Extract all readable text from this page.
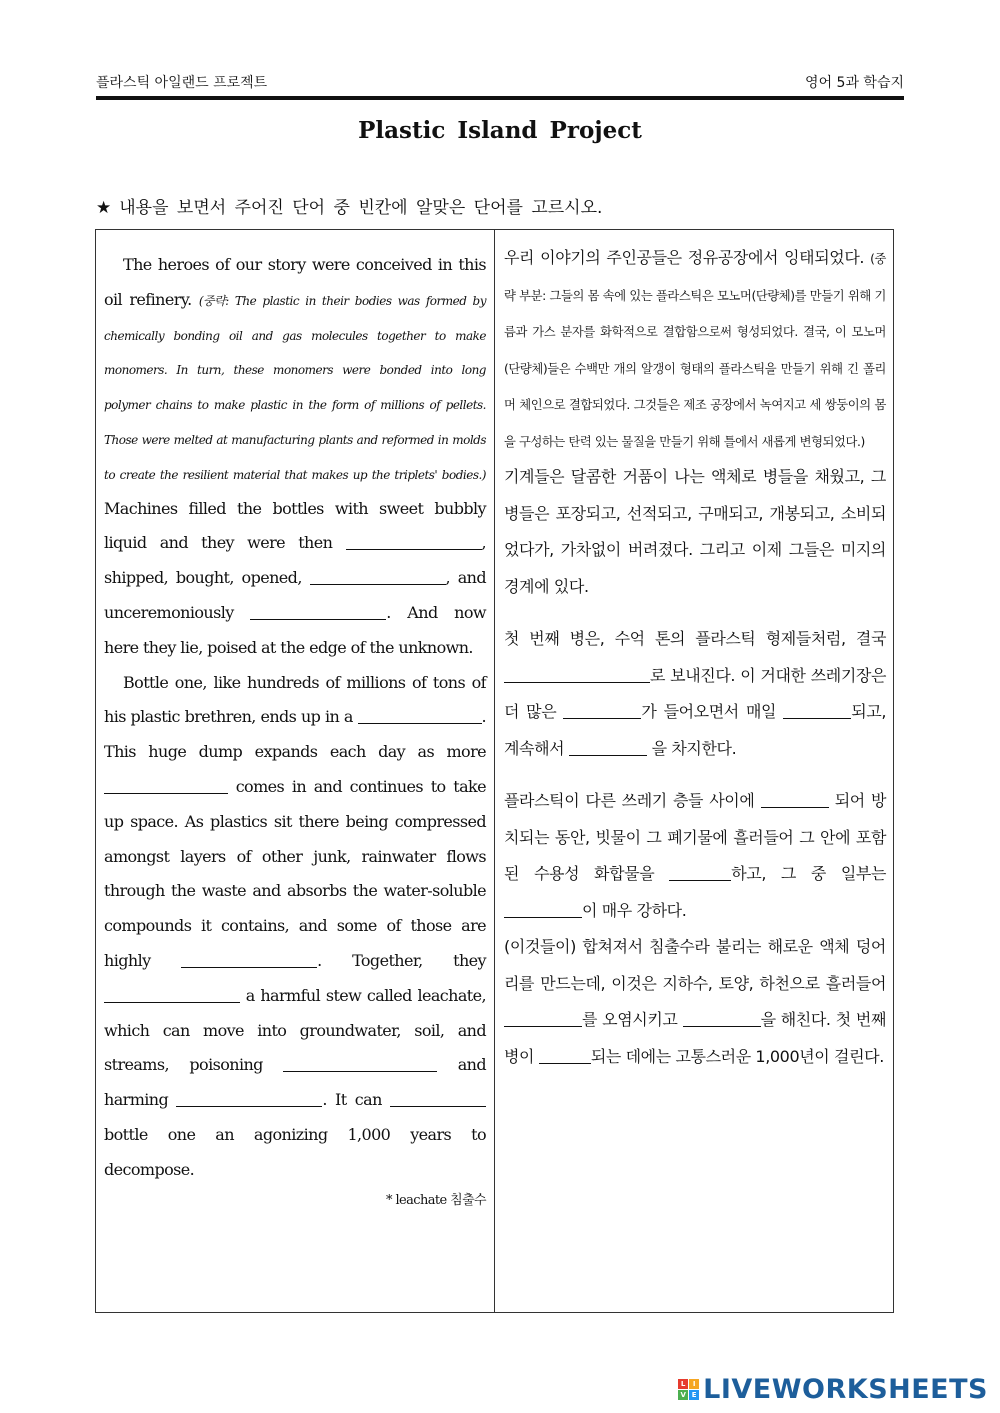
플라스틱 아일랜드 프로젝트	영어 5과 학습지
Plastic Island Project
★ 내용을 보면서 주어진 단어 중 빈칸에 알맞은 단어를 고르시오.

The heroes of our story were conceived in this oil refinery. (중략: The plastic in their bodies was formed by chemically bonding oil and gas molecules together to make monomers. In turn, these monomers were bonded into long polymer chains to make plastic in the form of millions of pellets. Those were melted at manufacturing plants and reformed in molds to create the resilient material that makes up the triplets' bodies.) Machines filled the bottles with sweet bubbly liquid and they were then	, shipped, bought, opened,	, and unceremoniously	. And now here they lie, poised at the edge of the unknown.

Bottle one, like hundreds of millions of tons of his plastic brethren, ends up in a	. This huge dump expands each day as more  comes in and continues to take up space. As plastics sit there being compressed amongst layers of other junk, rainwater flows through the waste and absorbs the water-soluble compounds it contains, and some of those are highly	. Together, they  a harmful stew called leachate, which can move into groundwater, soil, and streams, poisoning	and harming	. It can  bottle one an agonizing 1,000 years to decompose.

* leachate 침출수

우리 이야기의 주인공들은 정유공장에서 잉태되었다. (중략 부분: 그들의 몸 속에 있는 플라스틱은 모노머(단량체)를 만들기 위해 기름과 가스 분자를 화학적으로 결합함으로써 형성되었다. 결국, 이 모노머(단량체)들은 수백만 개의 알갱이 형태의 플라스틱을 만들기 위해 긴 폴리머 체인으로 결합되었다. 그것들은 제조 공장에서 녹여지고 세 쌍둥이의 몸을 구성하는 탄력 있는 물질을 만들기 위해 틀에서 새롭게 변형되었다.)

기계들은 달콤한 거품이 나는 액체로 병들을 채웠고, 그 병들은 포장되고, 선적되고, 구매되고, 개봉되고, 소비되었다가, 가차없이 버려졌다. 그리고 이제 그들은 미지의 경계에 있다.

첫 번째 병은, 수억 톤의 플라스틱 형제들처럼, 결국 로 보내진다. 이 거대한 쓰레기장은 더 많은	가 들어오면서 매일	되고, 계속해서	을 차지한다.

플라스틱이 다른 쓰레기 층들 사이에	되어 방치되는 동안, 빗물이 그 폐기물에 흘러들어 그 안에 포함된 수용성 화합물을	하고, 그 중 일부는 이 매우 강하다.

(이것들이) 합쳐져서 침출수라 불리는 해로운 액체 덩어리를 만드는데, 이것은 지하수, 토양, 하천으로 흘러들어 를 오염시키고	을 해친다. 첫 번째 병이	되는 데에는 고통스러운 1,000년이 걸린다.

L	I
V E LIVEWORKSHEETS
